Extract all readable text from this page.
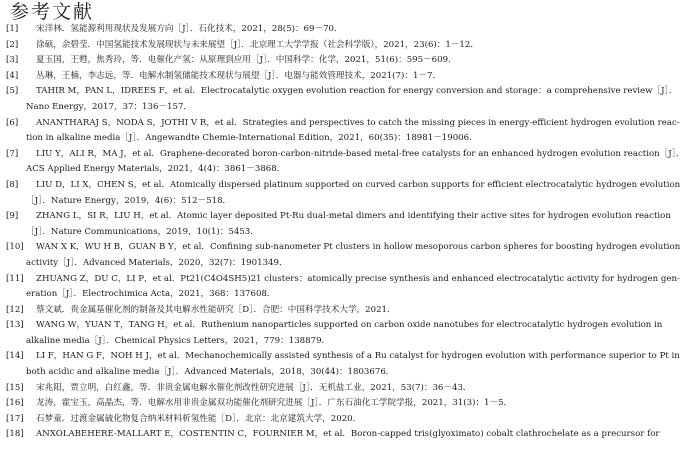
参考文献
[1] 宋洋林．氢能源利用现状及发展方向［J］．石化技术，2021，28(5)：69－70．
[2] 徐硕，余碧莹．中国氢能技术发展现状与未来展望［J］．北京理工大学学报（社会科学版），2021，23(6)：1－12．
[3] 夏玉国，王甦，焦秀玲，等．电催化产氢：从原理到应用［J］．中国科学：化学，2021，51(6)：595－609．
[4] 丛琳，王楠，李志远，等．电解水制氢储能技术现状与展望［J］．电器与能效管理技术，2021(7)：1－7．
[5] TAHIR M，PAN L，IDREES F，et al．Electrocatalytic oxygen evolution reaction for energy conversion and storage：a comprehensive review［J］．
Nano Energy，2017，37：136－157．
[6] ANANTHARAJ S，NODA S，JOTHI V R，et al．Strategies and perspectives to catch the missing pieces in energy-efficient hydrogen evolution reac-
tion in alkaline media［J］．Angewandte Chemie-International Edition，2021，60(35)：18981－19006．
[7] LIU Y，ALI R，MA J，et al．Graphene-decorated boron-carbon-nitride-based metal-free catalysts for an enhanced hydrogen evolution reaction［J］．
ACS Applied Energy Materials，2021，4(4)：3861－3868．
[8] LIU D，LI X，CHEN S，et al．Atomically dispersed platinum supported on curved carbon supports for efficient electrocatalytic hydrogen evolution
［J］．Nature Energy，2019，4(6)：512－518．
[9] ZHANG L，SI R，LIU H，et al．Atomic layer deposited Pt-Ru dual-metal dimers and identifying their active sites for hydrogen evolution reaction
［J］．Nature Communications，2019，10(1)：5453．
[10] WAN X K，WU H B，GUAN B Y，et al．Confining sub-nanometer Pt clusters in hollow mesoporous carbon spheres for boosting hydrogen evolution
activity［J］．Advanced Materials，2020，32(7)：1901349．
[11] ZHUANG Z，DU C，LI P，et al．Pt21(C4O4SH5)21 clusters：atomically precise synthesis and enhanced electrocatalytic activity for hydrogen gen-
eration［J］．Electrochimica Acta，2021，368：137608．
[12] 蔡文斌．贵金属基催化剂的制备及其电解水性能研究［D］．合肥：中国科学技术大学，2021．
[13] WANG W，YUAN T，TANG H，et al．Ruthenium nanoparticles supported on carbon oxide nanotubes for electrocatalytic hydrogen evolution in
alkaline media［J］．Chemical Physics Letters，2021，779：138879．
[14] LI F，HAN G F，NOH H J，et al．Mechanochemically assisted synthesis of a Ru catalyst for hydrogen evolution with performance superior to Pt in
both acidic and alkaline media［J］．Advanced Materials，2018，30(44)：1803676．
[15] 宋兆阳，贾立明，白红鑫，等．非贵金属电解水催化剂改性研究进展［J］．无机盐工业，2021，53(7)：36－43．
[16] 龙涛，霍宝玉，高晶杰，等．电解水用非贵金属双功能催化剂研究进展［J］．广东石油化工学院学报，2021，31(3)：1－5．
[17] 石梦童．过渡金属硫化物复合纳米材料析氢性能［D］．北京：北京建筑大学，2020．
[18] ANXOLABEHERE-MALLART E，COSTENTIN C，FOURNIER M，et al．Boron-capped tris(glyoximato) cobalt clathrochelate as a precursor for
